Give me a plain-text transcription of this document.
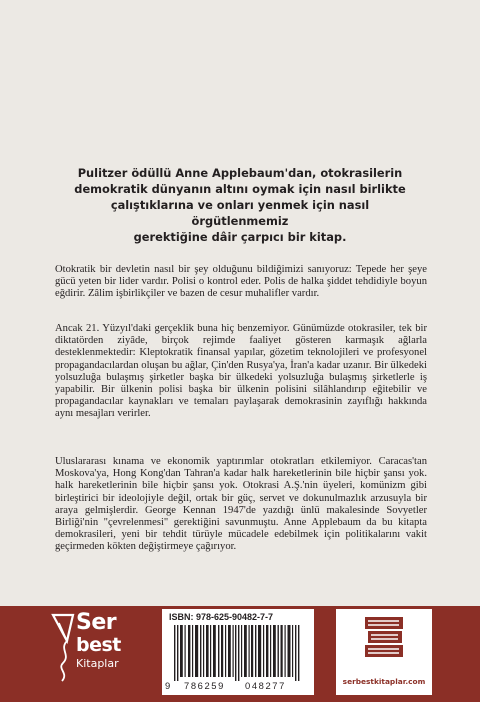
Pulitzer ödüllü Anne Applebaum'dan, otokrasilerin
demokratik dünyanın altını oymak için nasıl birlikte
çalıştıklarına ve onları yenmek için nasıl örgütlenmemiz
gerektiğine dâir çarpıcı bir kitap.
Otokratik bir devletin nasıl bir şey olduğunu bildiğimizi sanıyoruz: Tepede her şeye gücü yeten bir lider vardır. Polisi o kontrol eder. Polis de halka şiddet tehdidiyle boyun eğdirir. Zâlim işbirlikçiler ve bazen de cesur muhalifler vardır.
Ancak 21. Yüzyıl'daki gerçeklik buna hiç benzemiyor. Günümüzde otokrasiler, tek bir diktatörden ziyâde, birçok rejimde faaliyet gösteren karmaşık ağlarla desteklenmektedir: Kleptokratik finansal yapılar, gözetim teknolojileri ve profesyonel propagandacılardan oluşan bu ağlar, Çin'den Rusya'ya, İran'a kadar uzanır. Bir ülkedeki yolsuzluğa bulaşmış şirketler başka bir ülkedeki yolsuzluğa bulaşmış şirketlerle iş yapabilir. Bir ülkenin polisi başka bir ülkenin polisini silâhlandırıp eğitebilir ve propagandacılar kaynakları ve temaları paylaşarak demokrasinin zayıflığı hakkında aynı mesajları verirler.
Uluslararası kınama ve ekonomik yaptırımlar otokratları etkilemiyor. Caracas'tan Moskova'ya, Hong Kong'dan Tahran'a kadar halk hareketlerinin bile hiçbir şansı yok. halk hareketlerinin bile hiçbir şansı yok. Otokrasi A.Ş.'nin üyeleri, komünizm gibi birleştirici bir ideolojiyle değil, ortak bir güç, servet ve dokunulmazlık arzusuyla bir araya gelmişlerdir. George Kennan 1947'de yazdığı ünlü makalesinde Sovyetler Birliği'nin "çevrelenmesi" gerektiğini savunmuştu. Anne Applebaum da bu kitapta demokrasileri, yeni bir tehdit türüyle mücadele edebilmek için politikalarını vakit geçirmeden kökten değiştirmeye çağırıyor.
Ser
best
Kitaplar
ISBN: 978-625-90482-7-7
9 786259 048277	serbestkitaplar.com
